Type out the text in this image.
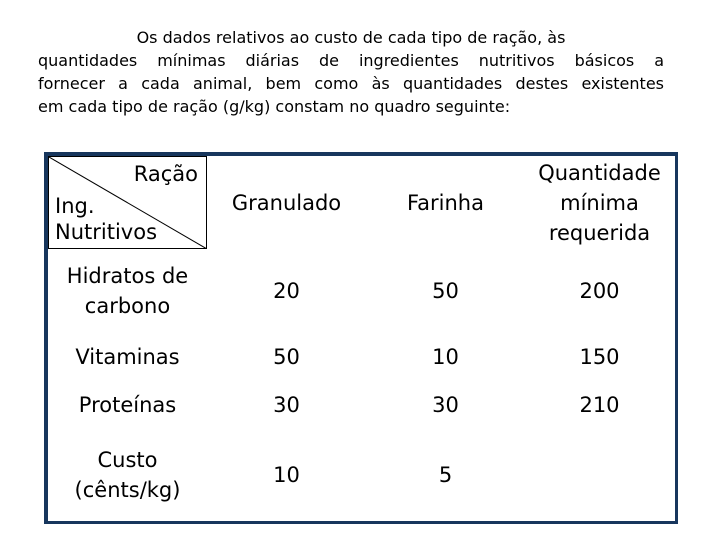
Os dados relativos ao custo de cada tipo de ração, às
quantidades mínimas diárias de ingredientes nutritivos básicos a
fornecer a cada animal, bem como às quantidades destes existentes
em cada tipo de ração (g/kg) constam no quadro seguinte:
Ração
Ing.
Nutritivos	Granulado	Farinha	Quantidade
mínima
requerida
Hidratos de
carbono	20	50	200
Vitaminas	50	10	150
Proteínas	30	30	210
Custo
(cênts/kg)	10	5	
